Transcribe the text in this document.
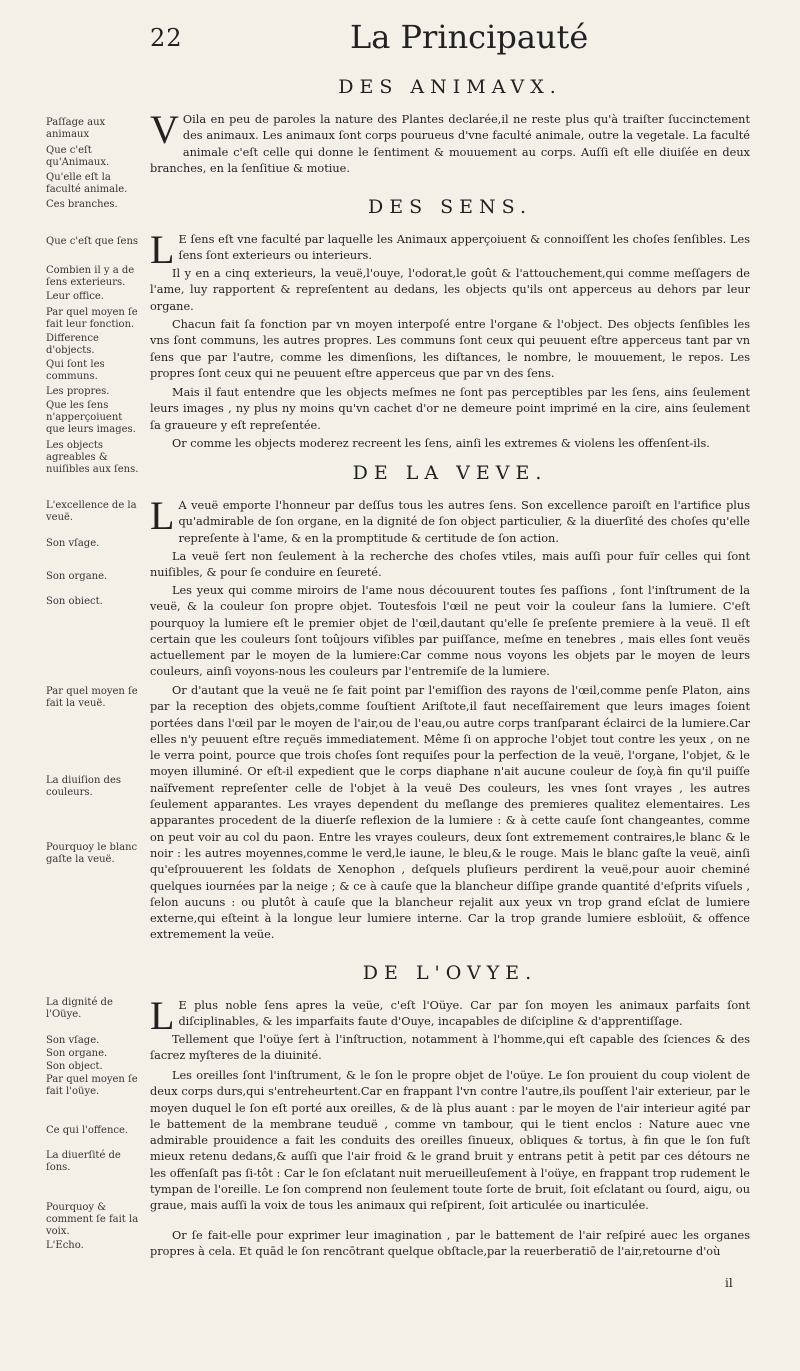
22	La Principauté
DES ANIMAVX.

V Oila en peu de paroles la nature des Plantes declarée,il ne reste plus qu'à traiſter ſuccinctement des animaux. Les animaux ſont corps pourueus d'vne faculté animale, outre la vegetale. La faculté animale c'eſt celle qui donne le ſentiment & mouuement au corps. Auſſi eſt elle diuiſée en deux branches, en la ſenſitiue & motiue.

DES SENS.

L E ſens eſt vne faculté par laquelle les Animaux apperçoiuent & connoiſſent les choſes ſenſibles. Les ſens ſont exterieurs ou interieurs.

Il y en a cinq exterieurs, la veuë,l'ouye, l'odorat,le goût & l'attouchement,qui comme meſſagers de l'ame, luy rapportent & repreſentent au dedans, les objects qu'ils ont apperceus au dehors par leur organe.

Chacun fait ſa fonction par vn moyen interpoſé entre l'organe & l'object. Des objects ſenſibles les vns ſont communs, les autres propres. Les communs ſont ceux qui peuuent eſtre apperceus tant par vn ſens que par l'autre, comme les dimenſions, les diſtances, le nombre, le mouuement, le repos. Les propres ſont ceux qui ne peuuent eſtre apperceus que par vn des ſens.

Mais il faut entendre que les objects meſmes ne ſont pas perceptibles par les ſens, ains ſeulement leurs images , ny plus ny moins qu'vn cachet d'or ne demeure point imprimé en la cire, ains ſeulement ſa graueure y eſt repreſentée.

Or comme les objects moderez recreent les ſens, ainſi les extremes & violens les offenſent-ils.

DE LA VEVE.

L A veuë emporte l'honneur par deſſus tous les autres ſens. Son excellence paroiſt en l'artifice plus qu'admirable de ſon organe, en la dignité de ſon object particulier, & la diuerſité des choſes qu'elle repreſente à l'ame, & en la promptitude & certitude de ſon action.

La veuë ſert non ſeulement à la recherche des choſes vtiles, mais auſſi pour fuïr celles qui ſont nuiſibles, & pour ſe conduire en ſeureté.

Les yeux qui comme miroirs de l'ame nous découurent toutes ſes paſſions , ſont l'inſtrument de la veuë, & la couleur ſon propre objet. Toutesfois l'œil ne peut voir la couleur ſans la lumiere. C'eſt pourquoy la lumiere eſt le premier objet de l'œil,dautant qu'elle ſe preſente premiere à la veuë. Il eſt certain que les couleurs ſont toûjours viſibles par puiſſance, meſme en tenebres , mais elles ſont veuës actuellement par le moyen de la lumiere:Car comme nous voyons les objets par le moyen de leurs couleurs, ainſi voyons-nous les couleurs par l'entremiſe de la lumiere.

Or d'autant que la veuë ne ſe fait point par l'emiſſion des rayons de l'œil,comme penſe Platon, ains par la reception des objets,comme ſouſtient Ariſtote,il faut neceſſairement que leurs images ſoient portées dans l'œil par le moyen de l'air,ou de l'eau,ou autre corps tranſparant éclairci de la lumiere.Car elles n'y peuuent eſtre reçuës immediatement. Même ſi on approche l'objet tout contre les yeux , on ne le verra point, pource que trois choſes ſont requiſes pour la perfection de la veuë, l'organe, l'objet, & le moyen illuminé. Or eſt-il expedient que le corps diaphane n'ait aucune couleur de ſoy,à fin qu'il puiſſe naïfvement repreſenter celle de l'objet à la veuë Des couleurs, les vnes ſont vrayes , les autres ſeulement apparantes. Les vrayes dependent du meſlange des premieres qualitez elementaires. Les apparantes procedent de la diuerſe reflexion de la lumiere : & à cette cauſe ſont changeantes, comme on peut voir au col du paon. Entre les vrayes couleurs, deux ſont extremement contraires,le blanc & le noir : les autres moyennes,comme le verd,le iaune, le bleu,& le rouge. Mais le blanc gaſte la veuë, ainſi qu'eſprouuerent les ſoldats de Xenophon , deſquels pluſieurs perdirent la veuë,pour auoir cheminé quelques iournées par la neige ; & ce à cauſe que la blancheur diſſipe grande quantité d'eſprits viſuels , ſelon aucuns : ou plutôt à cauſe que la blancheur rejalit aux yeux vn trop grand eſclat de lumiere externe,qui eſteint à la longue leur lumiere interne. Car la trop grande lumiere esbloüit, & offence extremement la veüe.

DE L'OVYE.

L E plus noble ſens apres la veüe, c'eſt l'Oüye. Car par ſon moyen les animaux parfaits ſont diſciplinables, & les imparfaits faute d'Ouye, incapables de diſcipline & d'apprentiſſage.

Tellement que l'oüye ſert à l'inſtruction, notamment à l'homme,qui eſt capable des ſciences & des ſacrez myſteres de la diuinité.

Les oreilles ſont l'inſtrument, & le ſon le propre objet de l'oüye. Le ſon prouient du coup violent de deux corps durs,qui s'entreheurtent.Car en frappant l'vn contre l'autre,ils pouſſent l'air exterieur, par le moyen duquel le ſon eſt porté aux oreilles, & de là plus auant : par le moyen de l'air interieur agité par le battement de la membrane teuduë , comme vn tambour, qui le tient enclos : Nature auec vne admirable prouidence a fait les conduits des oreilles ſinueux, obliques & tortus, à fin que le ſon fuſt mieux retenu dedans,& auſſi que l'air froid & le grand bruit y entrans petit à petit par ces détours ne les offenſaſt pas ſi-tôt : Car le ſon eſclatant nuit merueilleuſement à l'oüye, en frappant trop rudement le tympan de l'oreille. Le ſon comprend non ſeulement toute ſorte de bruit, ſoit eſclatant ou ſourd, aigu, ou graue, mais auſſi la voix de tous les animaux qui reſpirent, ſoit articulée ou inarticulée.

Or ſe fait-elle pour exprimer leur imagination , par le battement de l'air reſpiré auec les organes propres à cela. Et quād le ſon rencōtrant quelque obſtacle,par la reuerberatiō de l'air,retourne d'où

Paſſage aux animaux

Que c'eſt qu'Animaux.

Qu'elle eſt la faculté animale.

Ces branches.

Que c'eſt que ſens

Combien il y a de ſens exterieurs.

Leur office.

Par quel moyen ſe fait leur fonction.

Difference d'objects.

Qui ſont les communs.

Les propres.

Que les ſens n'apperçoiuent que leurs images.

Les objects agreables & nuiſibles aux ſens.

L'excellence de la veuë.

Son vſage.

Son organe.

Son obiect.

Par quel moyen ſe fait la veuë.

La diuiſion des couleurs.

Pourquoy le blanc gaſte la veuë.

La dignité de l'Oüye.

Son vſage.

Son organe.

Son object.

Par quel moyen ſe fait l'oüye.

Ce qui l'offence.

La diuerſité de ſons.

Pourquoy & comment ſe fait la voix.

L'Echo.

il
